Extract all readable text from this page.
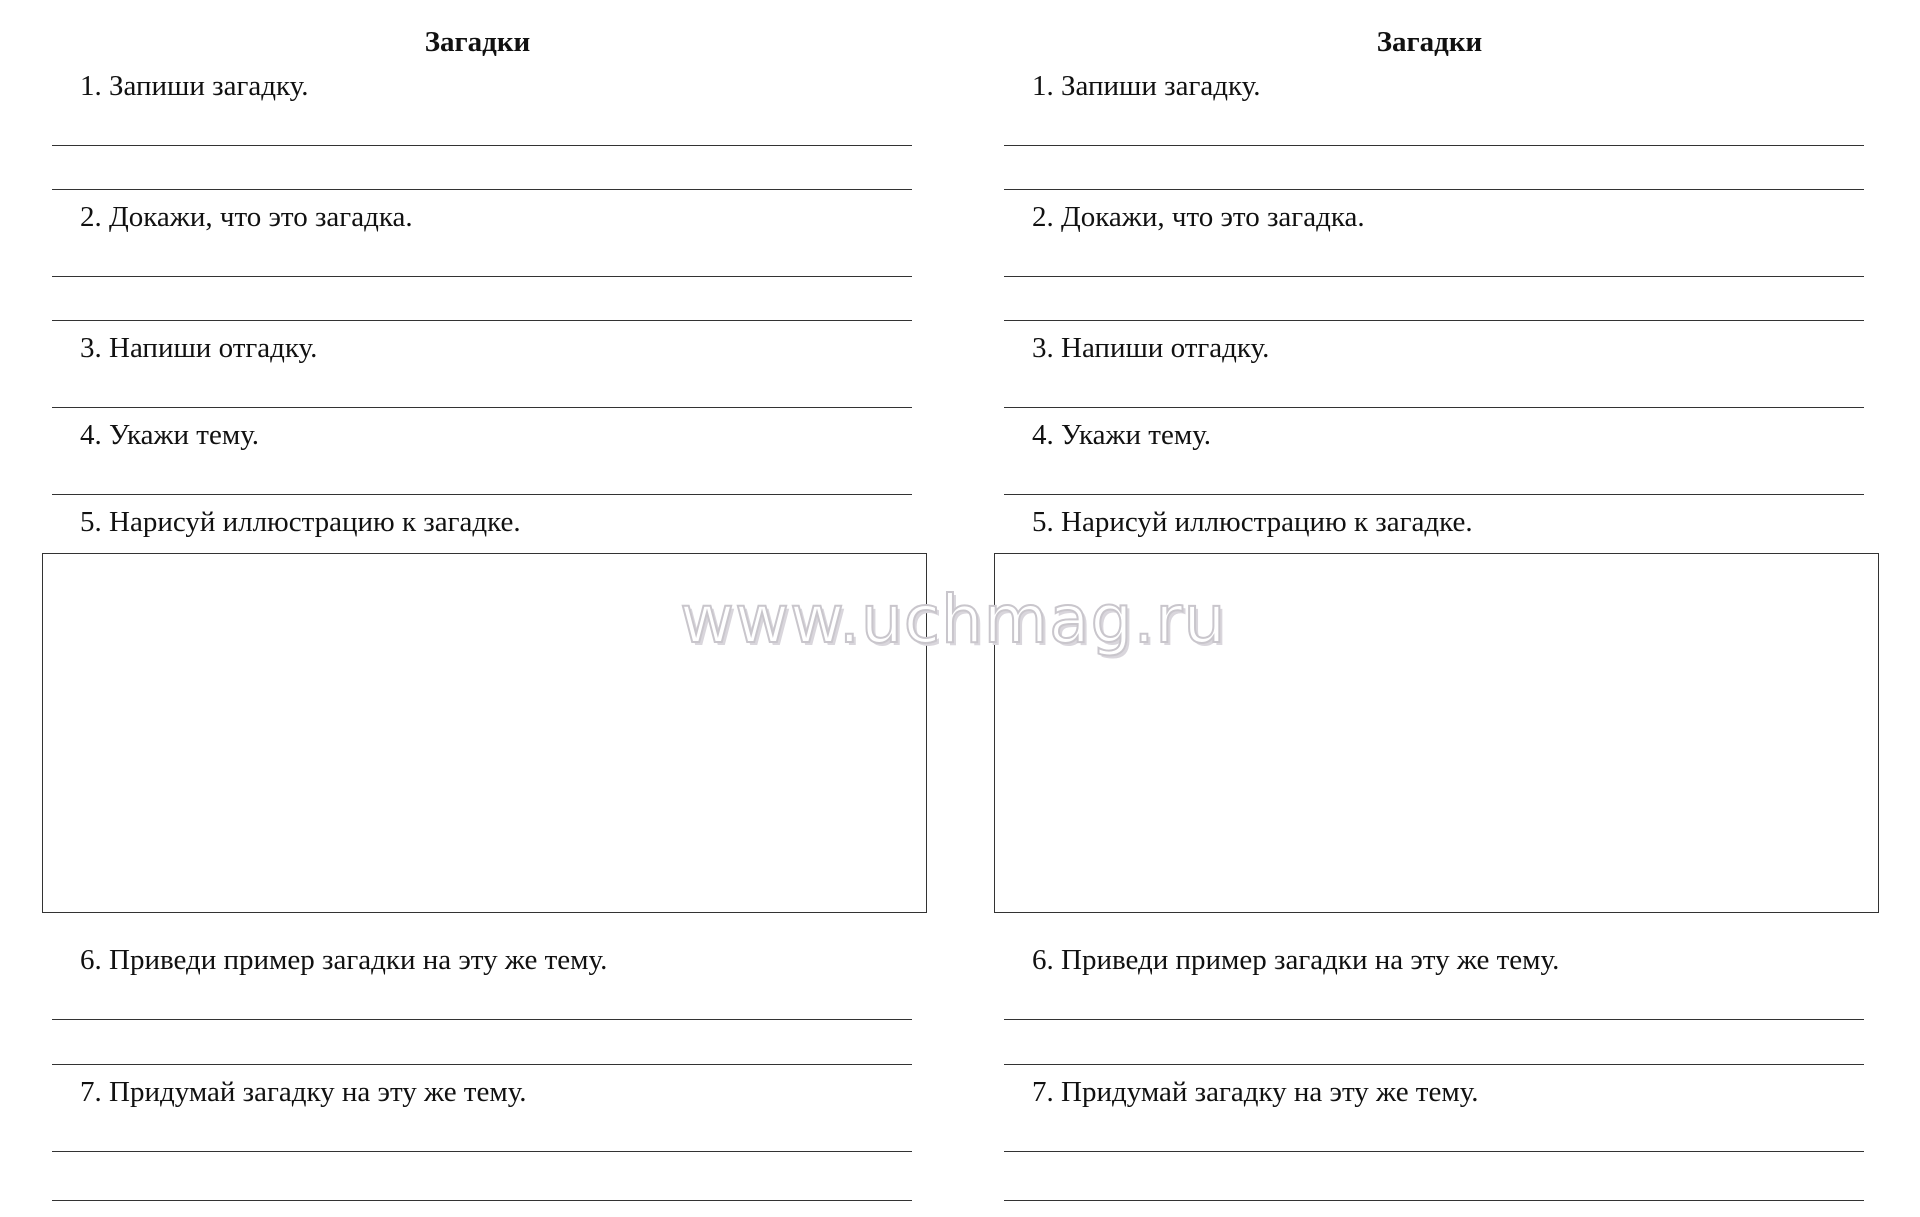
Загадки
1. Запиши загадку.
2. Докажи, что это загадка.
3. Напиши отгадку.
4. Укажи тему.
5. Нарисуй иллюстрацию к загадке.
6. Приведи пример загадки на эту же тему.
7. Придумай загадку на эту же тему.
Загадки
1. Запиши загадку.
2. Докажи, что это загадка.
3. Напиши отгадку.
4. Укажи тему.
5. Нарисуй иллюстрацию к загадке.
6. Приведи пример загадки на эту же тему.
7. Придумай загадку на эту же тему.
www.uchmag.ru
